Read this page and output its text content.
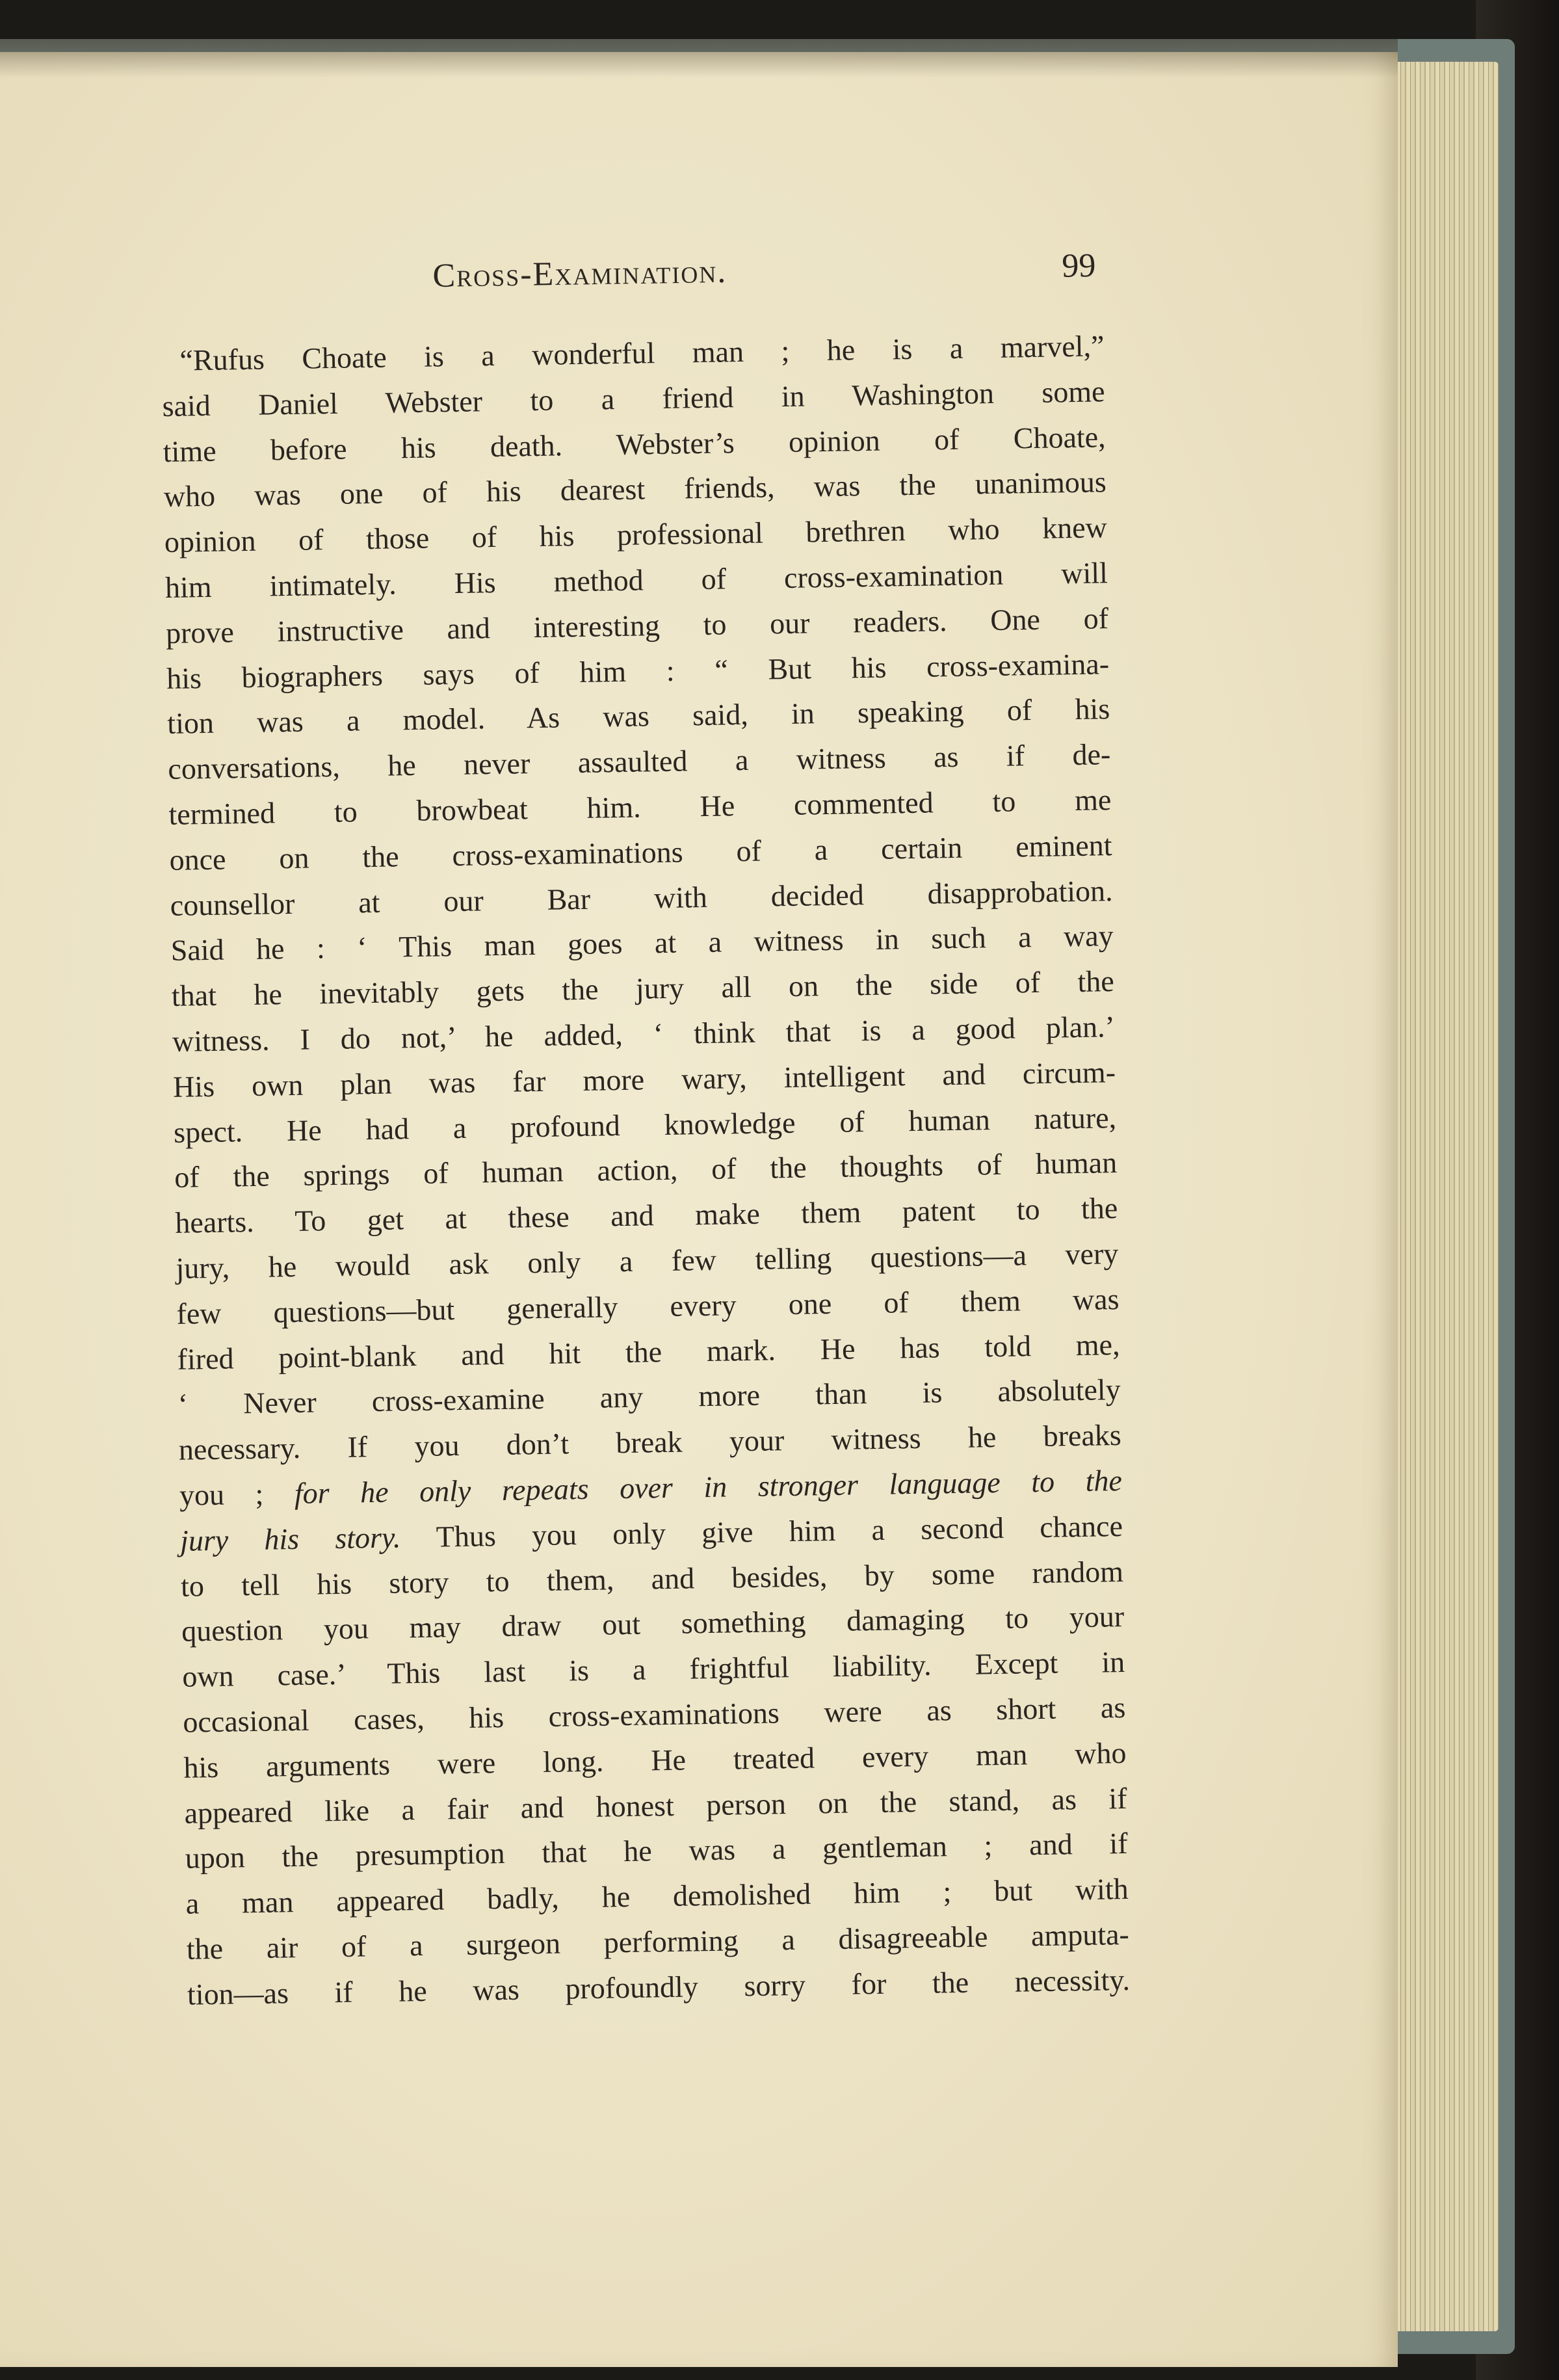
Cross-Examination.	99
“Rufus Choate is a wonderful man ; he is a marvel,”
said Daniel Webster to a friend in Washington some
time before his death. Webster’s opinion of Choate,
who was one of his dearest friends, was the unanimous
opinion of those of his professional brethren who knew
him intimately. His method of cross-examination will
prove instructive and interesting to our readers. One of
his biographers says of him : “ But his cross-examina-
tion was a model. As was said, in speaking of his
conversations, he never assaulted a witness as if de-
termined to browbeat him. He commented to me
once on the cross-examinations of a certain eminent
counsellor at our Bar with decided disapprobation.
Said he : ‘ This man goes at a witness in such a way
that he inevitably gets the jury all on the side of the
witness. I do not,’ he added, ‘ think that is a good plan.’
His own plan was far more wary, intelligent and circum-
spect. He had a profound knowledge of human nature,
of the springs of human action, of the thoughts of human
hearts. To get at these and make them patent to the
jury, he would ask only a few telling questions—a very
few questions—but generally every one of them was
fired point-blank and hit the mark. He has told me,
‘ Never cross-examine any more than is absolutely
necessary. If you don’t break your witness he breaks
you ; for he only repeats over in stronger language to the
jury his story. Thus you only give him a second chance
to tell his story to them, and besides, by some random
question you may draw out something damaging to your
own case.’ This last is a frightful liability. Except in
occasional cases, his cross-examinations were as short as
his arguments were long. He treated every man who
appeared like a fair and honest person on the stand, as if
upon the presumption that he was a gentleman ; and if
a man appeared badly, he demolished him ; but with
the air of a surgeon performing a disagreeable amputa-
tion—as if he was profoundly sorry for the necessity.
